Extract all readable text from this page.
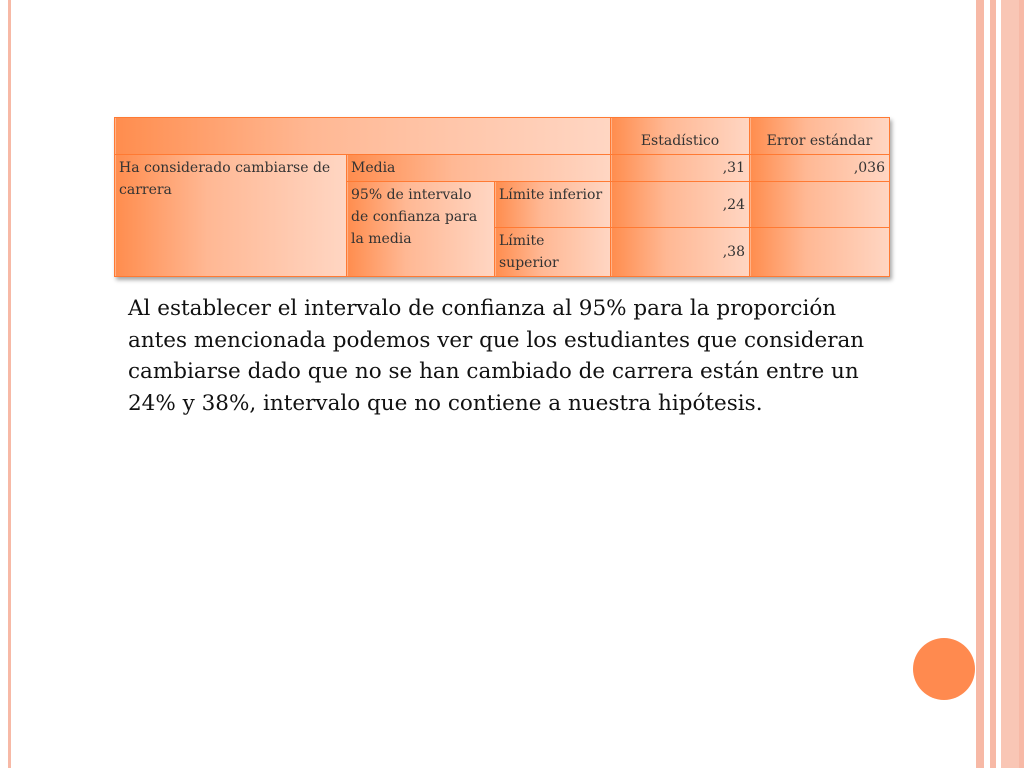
			Estadístico	Error estándar
Ha considerado cambiarse de carrera	Media		,31	,036
	95% de intervalo de confianza para la media	Límite inferior	,24	
		Límite superior	,38	
Al establecer el intervalo de confianza al 95% para la proporción antes mencionada podemos ver que los estudiantes que consideran cambiarse dado que no se han cambiado de carrera están entre un 24% y 38%, intervalo que no contiene a nuestra hipótesis.
